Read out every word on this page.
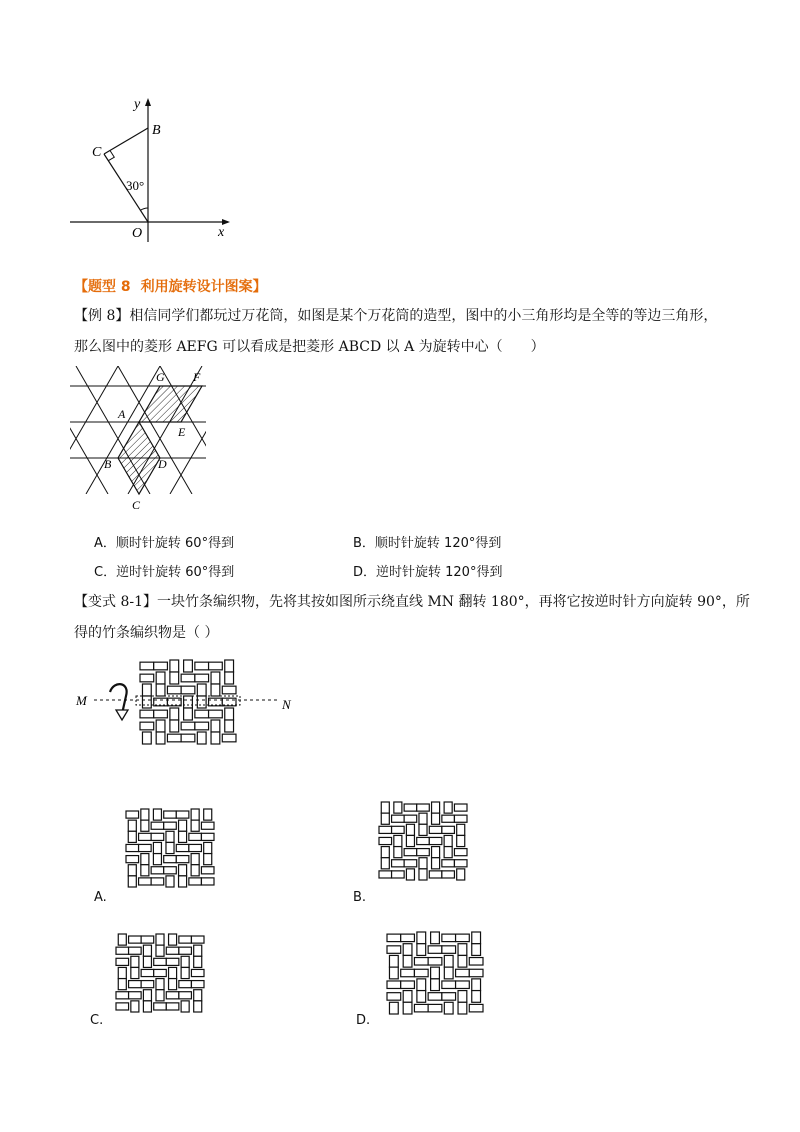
y
B
C
30°
O	x
【题型 8 利用旋转设计图案】
【例 8】相信同学们都玩过万花筒，如图是某个万花筒的造型，图中的小三角形均是全等的等边三角形，
那么图中的菱形 AEFG 可以看成是把菱形 ABCD 以 A 为旋转中心（　　）
G F
A
E
B	D
C
A．顺时针旋转 60°得到	B．顺时针旋转 120°得到
C．逆时针旋转 60°得到	D．逆时针旋转 120°得到
【变式 8-1】一块竹条编织物，先将其按如图所示绕直线 MN 翻转 180°，再将它按逆时针方向旋转 90°，所
得的竹条编织物是（ ）
M	N
A.	B.
C.	D.
